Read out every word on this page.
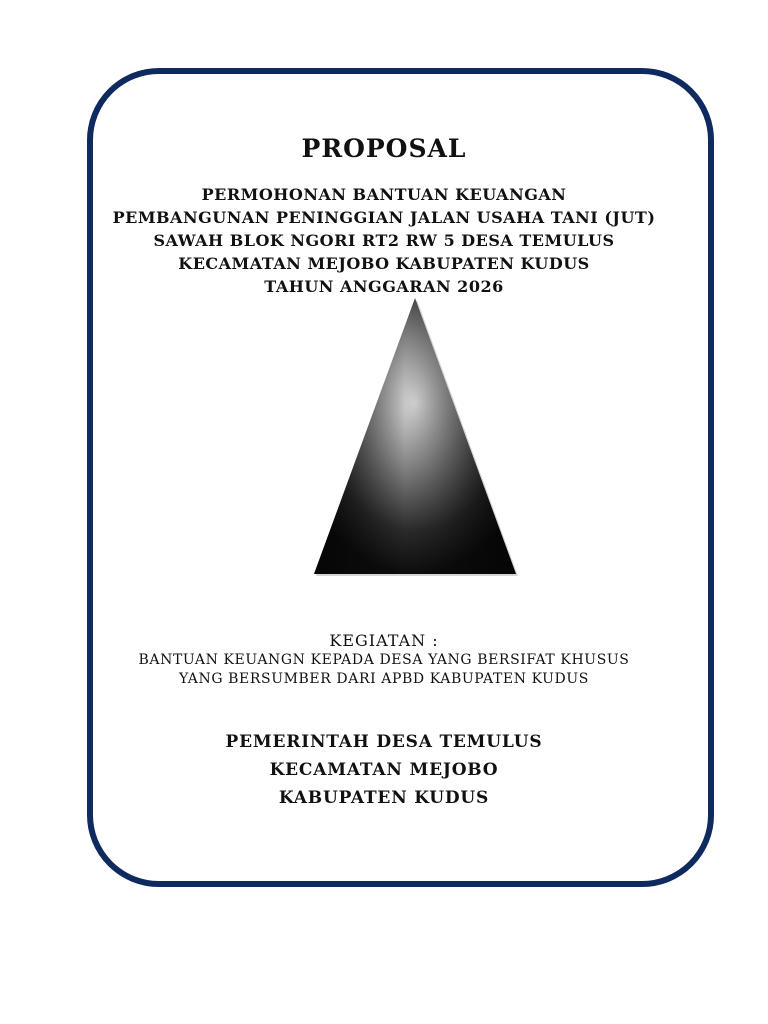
PROPOSAL
PERMOHONAN BANTUAN KEUANGAN
PEMBANGUNAN PENINGGIAN JALAN USAHA TANI (JUT)
SAWAH BLOK NGORI RT2 RW 5 DESA TEMULUS
KECAMATAN MEJOBO KABUPATEN KUDUS
TAHUN ANGGARAN 2026
KEGIATAN :
BANTUAN KEUANGN KEPADA DESA YANG BERSIFAT KHUSUS
YANG BERSUMBER DARI APBD KABUPATEN KUDUS
PEMERINTAH DESA TEMULUS
KECAMATAN MEJOBO
KABUPATEN KUDUS
